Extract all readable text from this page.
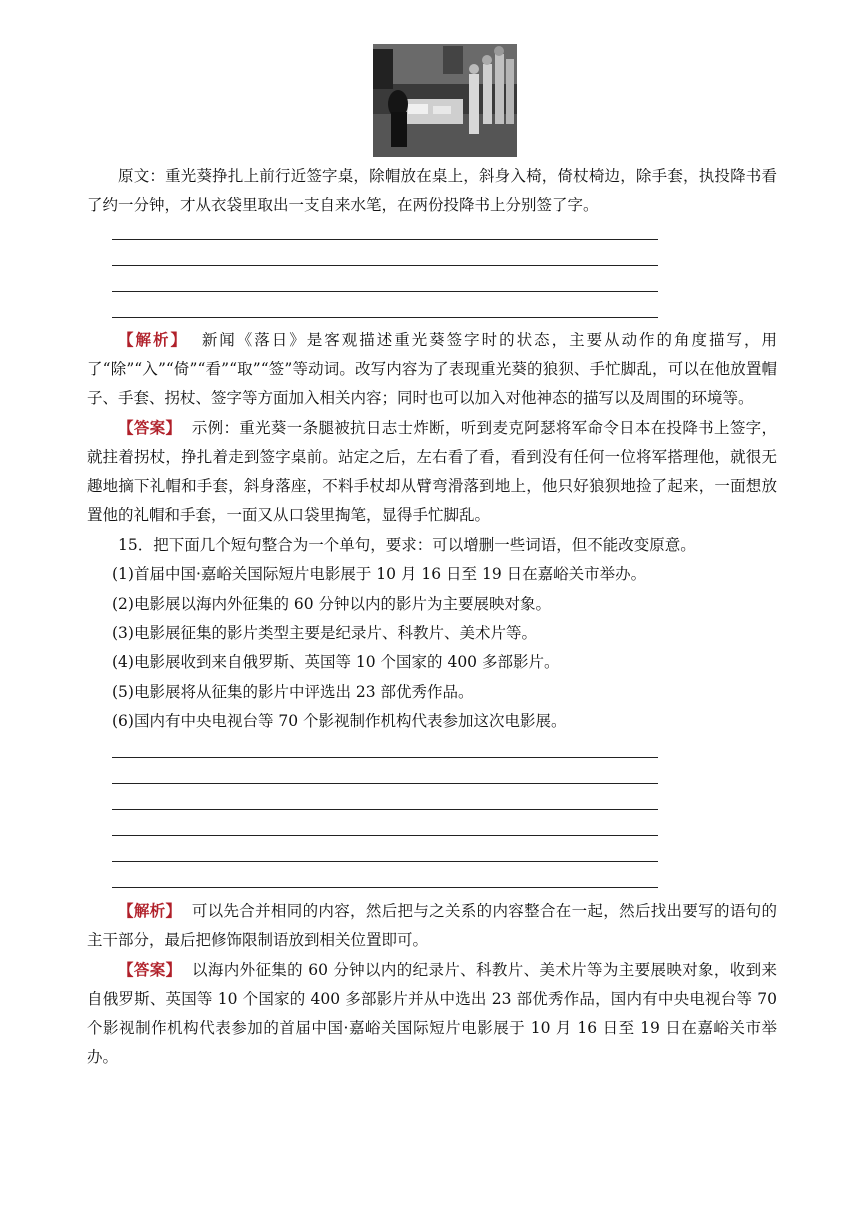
原文：重光葵挣扎上前行近签字桌，除帽放在桌上，斜身入椅，倚杖椅边，除手套，执投降书看了约一分钟，才从衣袋里取出一支自来水笔，在两份投降书上分别签了字。
【解析】 新闻《落日》是客观描述重光葵签字时的状态，主要从动作的角度描写，用了“除”“入”“倚”“看”“取”“签”等动词。改写内容为了表现重光葵的狼狈、手忙脚乱，可以在他放置帽子、手套、拐杖、签字等方面加入相关内容；同时也可以加入对他神态的描写以及周围的环境等。
【答案】 示例：重光葵一条腿被抗日志士炸断，听到麦克阿瑟将军命令日本在投降书上签字，就拄着拐杖，挣扎着走到签字桌前。站定之后，左右看了看，看到没有任何一位将军搭理他，就很无趣地摘下礼帽和手套，斜身落座，不料手杖却从臂弯滑落到地上，他只好狼狈地捡了起来，一面想放置他的礼帽和手套，一面又从口袋里掏笔，显得手忙脚乱。
15．把下面几个短句整合为一个单句，要求：可以增删一些词语，但不能改变原意。
(1)首届中国·嘉峪关国际短片电影展于 10 月 16 日至 19 日在嘉峪关市举办。
(2)电影展以海内外征集的 60 分钟以内的影片为主要展映对象。
(3)电影展征集的影片类型主要是纪录片、科教片、美术片等。
(4)电影展收到来自俄罗斯、英国等 10 个国家的 400 多部影片。
(5)电影展将从征集的影片中评选出 23 部优秀作品。
(6)国内有中央电视台等 70 个影视制作机构代表参加这次电影展。
【解析】 可以先合并相同的内容，然后把与之关系的内容整合在一起，然后找出要写的语句的主干部分，最后把修饰限制语放到相关位置即可。
【答案】 以海内外征集的 60 分钟以内的纪录片、科教片、美术片等为主要展映对象，收到来自俄罗斯、英国等 10 个国家的 400 多部影片并从中选出 23 部优秀作品，国内有中央电视台等 70 个影视制作机构代表参加的首届中国·嘉峪关国际短片电影展于 10 月 16 日至 19 日在嘉峪关市举办。
